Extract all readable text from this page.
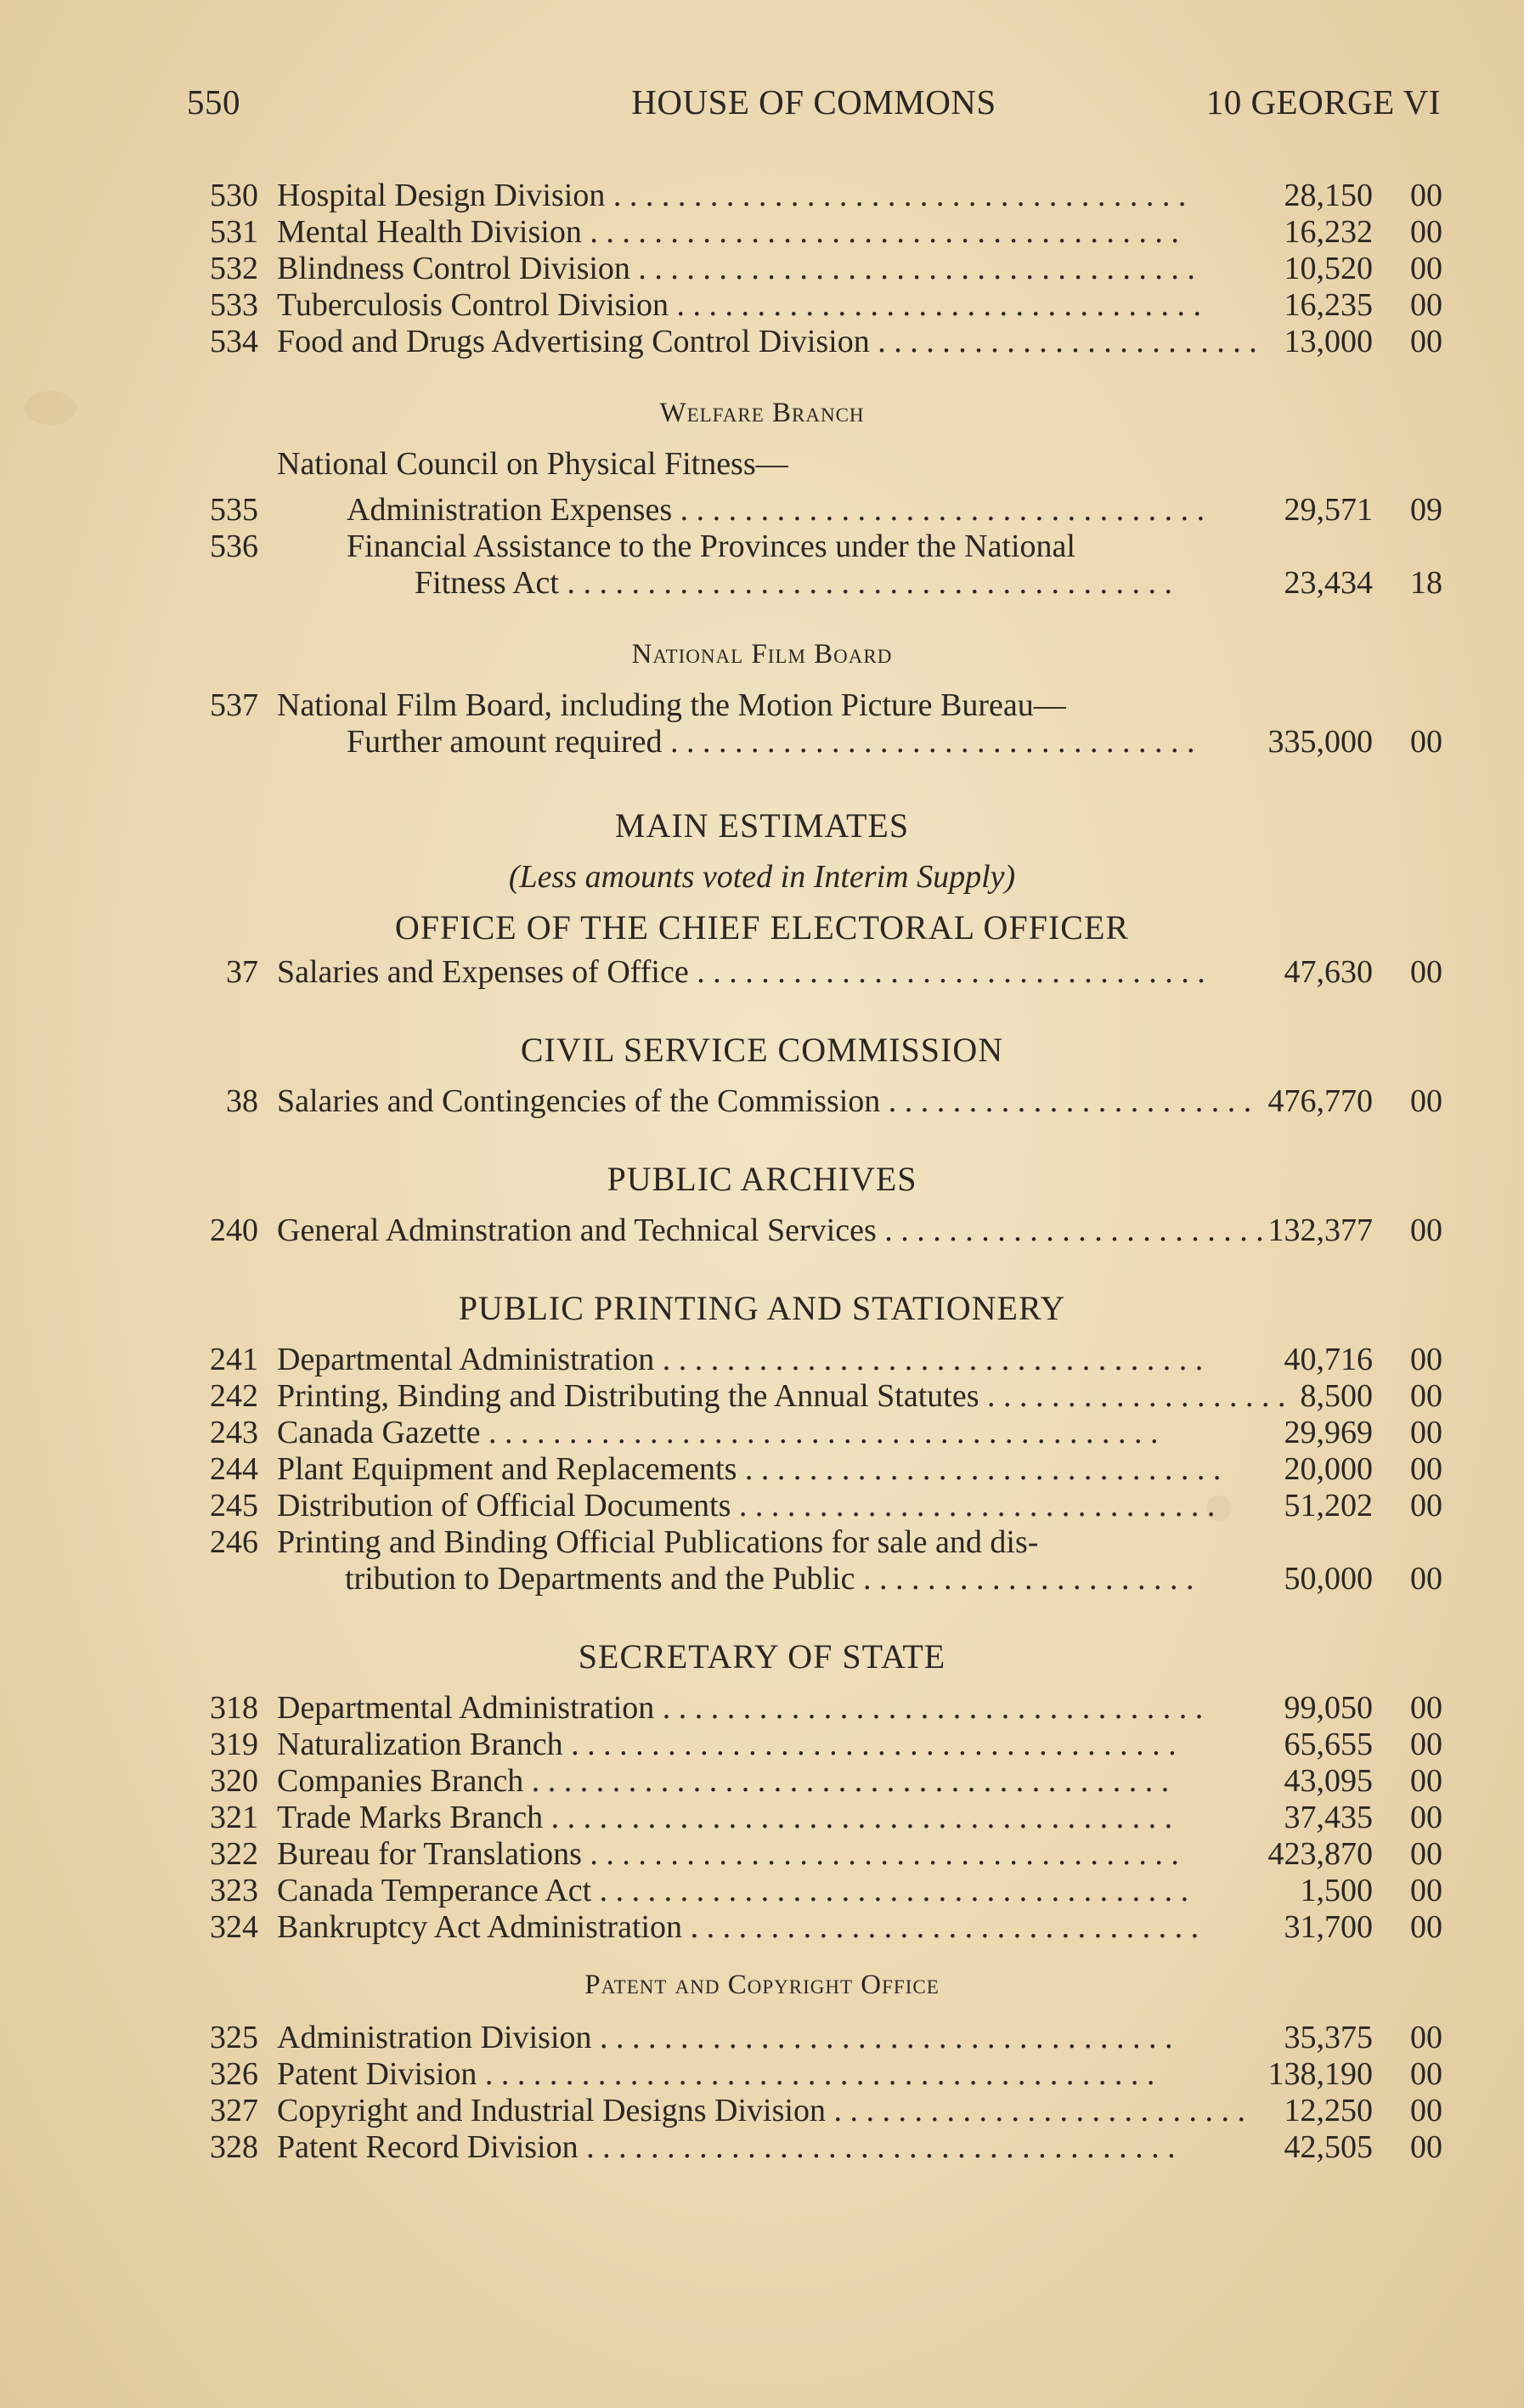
550	HOUSE OF COMMONS	10 GEORGE VI
530 Hospital Design Division . . . . . . . . . . . . . . . . . . . . . . . . . . . . . . . . . . . .	28,150	00
531 Mental Health Division . . . . . . . . . . . . . . . . . . . . . . . . . . . . . . . . . . . . .	16,232	00
532 Blindness Control Division . . . . . . . . . . . . . . . . . . . . . . . . . . . . . . . . . . .	10,520	00
533 Tuberculosis Control Division . . . . . . . . . . . . . . . . . . . . . . . . . . . . . . . . .	16,235	00
534 Food and Drugs Advertising Control Division . . . . . . . . . . . . . . . . . . . . . . . . 13,000	00
Welfare Branch
National Council on Physical Fitness—
535	Administration Expenses . . . . . . . . . . . . . . . . . . . . . . . . . . . . . . . . .	29,571	09
536	Financial Assistance to the Provinces under the National
Fitness Act . . . . . . . . . . . . . . . . . . . . . . . . . . . . . . . . . . . . . .	23,434	18
National Film Board
537 National Film Board, including the Motion Picture Bureau—
Further amount required . . . . . . . . . . . . . . . . . . . . . . . . . . . . . . . . .	335,000	00
MAIN ESTIMATES
(Less amounts voted in Interim Supply)
OFFICE OF THE CHIEF ELECTORAL OFFICER
37 Salaries and Expenses of Office . . . . . . . . . . . . . . . . . . . . . . . . . . . . . . . .	47,630	00
CIVIL SERVICE COMMISSION
38 Salaries and Contingencies of the Commission . . . . . . . . . . . . . . . . . . . . . . . 476,770	00
PUBLIC ARCHIVES
240 General Adminstration and Technical Services . . . . . . . . . . . . . . . . . . . . . . . . 132,377	00
PUBLIC PRINTING AND STATIONERY
241 Departmental Administration . . . . . . . . . . . . . . . . . . . . . . . . . . . . . . . . . .	40,716	00
242 Printing, Binding and Distributing the Annual Statutes . . . . . . . . . . . . . . . . . . . 8,500	00
243 Canada Gazette . . . . . . . . . . . . . . . . . . . . . . . . . . . . . . . . . . . . . . . . . .	29,969	00
244 Plant Equipment and Replacements . . . . . . . . . . . . . . . . . . . . . . . . . . . . . .	20,000	00
245 Distribution of Official Documents . . . . . . . . . . . . . . . . . . . . . . . . . . . . . .	51,202	00
246 Printing and Binding Official Publications for sale and dis-
tribution to Departments and the Public . . . . . . . . . . . . . . . . . . . . .	50,000	00
SECRETARY OF STATE
318 Departmental Administration . . . . . . . . . . . . . . . . . . . . . . . . . . . . . . . . . .	99,050	00
319 Naturalization Branch . . . . . . . . . . . . . . . . . . . . . . . . . . . . . . . . . . . . . .	65,655	00
320 Companies Branch . . . . . . . . . . . . . . . . . . . . . . . . . . . . . . . . . . . . . . . .	43,095	00
321 Trade Marks Branch . . . . . . . . . . . . . . . . . . . . . . . . . . . . . . . . . . . . . . .	37,435	00
322 Bureau for Translations . . . . . . . . . . . . . . . . . . . . . . . . . . . . . . . . . . . . .	423,870	00
323 Canada Temperance Act . . . . . . . . . . . . . . . . . . . . . . . . . . . . . . . . . . . . .	1,500	00
324 Bankruptcy Act Administration . . . . . . . . . . . . . . . . . . . . . . . . . . . . . . . .	31,700	00
Patent and Copyright Office
325 Administration Division . . . . . . . . . . . . . . . . . . . . . . . . . . . . . . . . . . . .	35,375	00
326 Patent Division . . . . . . . . . . . . . . . . . . . . . . . . . . . . . . . . . . . . . . . . . .	138,190	00
327 Copyright and Industrial Designs Division . . . . . . . . . . . . . . . . . . . . . . . . . .	12,250	00
328 Patent Record Division . . . . . . . . . . . . . . . . . . . . . . . . . . . . . . . . . . . . .	42,505	00
